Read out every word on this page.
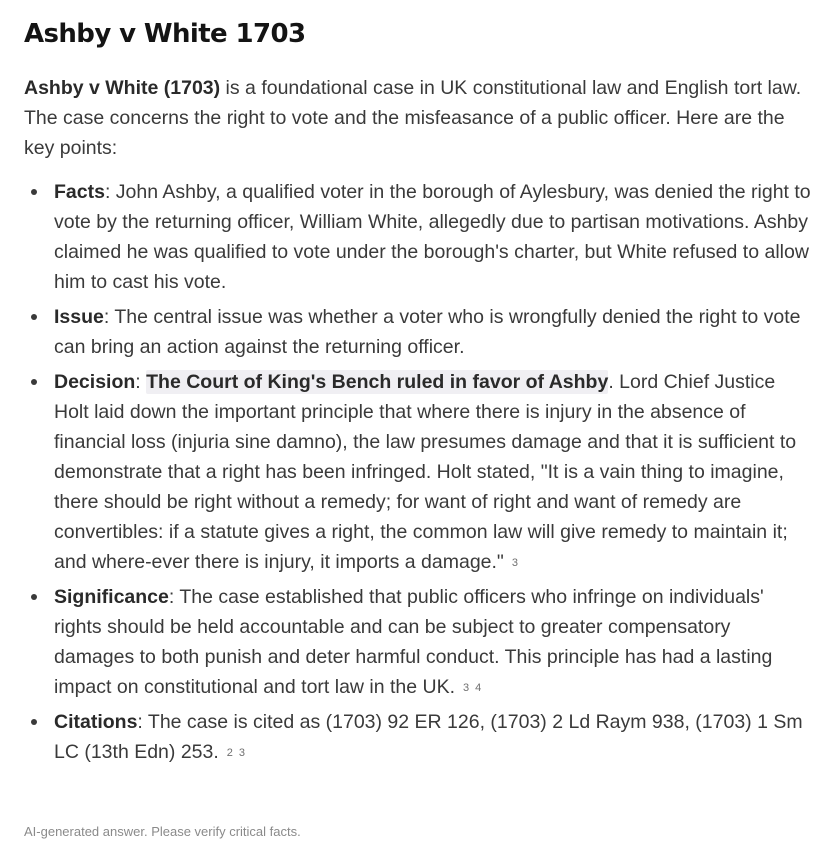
Ashby v White 1703

Ashby v White (1703) is a foundational case in UK constitutional law and English tort law. The case concerns the right to vote and the misfeasance of a public officer. Here are the key points:

Facts: John Ashby, a qualified voter in the borough of Aylesbury, was denied the right to vote by the returning officer, William White, allegedly due to partisan motivations. Ashby claimed he was qualified to vote under the borough's charter, but White refused to allow him to cast his vote.
Issue: The central issue was whether a voter who is wrongfully denied the right to vote can bring an action against the returning officer.
Decision: The Court of King's Bench ruled in favor of Ashby. Lord Chief Justice Holt laid down the important principle that where there is injury in the absence of financial loss (injuria sine damno), the law presumes damage and that it is sufficient to demonstrate that a right has been infringed. Holt stated, "It is a vain thing to imagine, there should be right without a remedy; for want of right and want of remedy are convertibles: if a statute gives a right, the common law will give remedy to maintain it; and where-ever there is injury, it imports a damage." 3
Significance: The case established that public officers who infringe on individuals' rights should be held accountable and can be subject to greater compensatory damages to both punish and deter harmful conduct. This principle has had a lasting impact on constitutional and tort law in the UK. 3 4
Citations: The case is cited as (1703) 92 ER 126, (1703) 2 Ld Raym 938, (1703) 1 Sm LC (13th Edn) 253. 2 3
AI-generated answer. Please verify critical facts.
